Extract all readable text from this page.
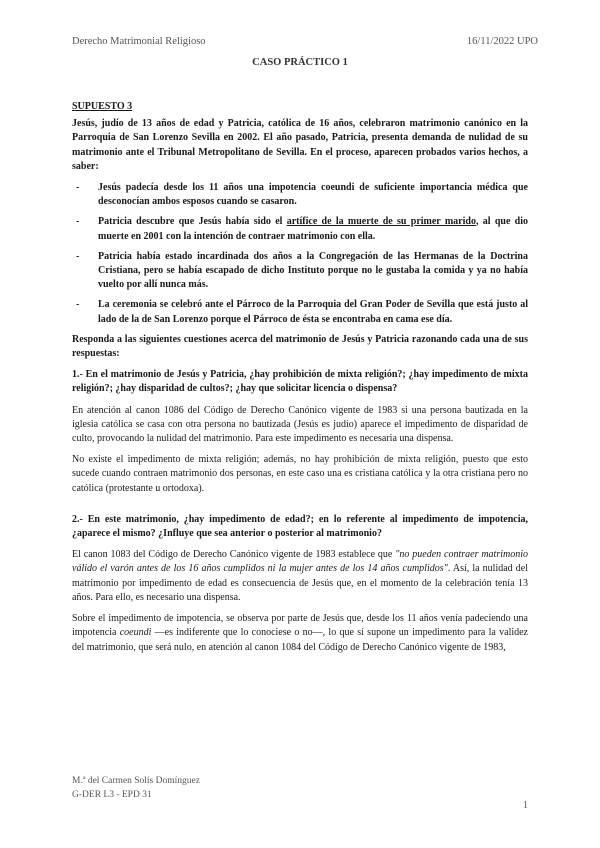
Derecho Matrimonial Religioso	16/11/2022 UPO
CASO PRÁCTICO 1

SUPUESTO 3

Jesús, judío de 13 años de edad y Patricia, católica de 16 años, celebraron matrimonio canónico en la Parroquia de San Lorenzo Sevilla en 2002. El año pasado, Patricia, presenta demanda de nulidad de su matrimonio ante el Tribunal Metropolitano de Sevilla. En el proceso, aparecen probados varios hechos, a saber:

- Jesús padecía desde los 11 años una impotencia coeundi de suficiente importancia médica que desconocían ambos esposos cuando se casaron.
- Patricia descubre que Jesús había sido el artífice de la muerte de su primer marido, al que dio muerte en 2001 con la intención de contraer matrimonio con ella.
- Patricia había estado incardinada dos años a la Congregación de las Hermanas de la Doctrina Cristiana, pero se había escapado de dicho Instituto porque no le gustaba la comida y ya no había vuelto por allí nunca más.
- La ceremonia se celebró ante el Párroco de la Parroquia del Gran Poder de Sevilla que está justo al lado de la de San Lorenzo porque el Párroco de ésta se encontraba en cama ese día.

Responda a las siguientes cuestiones acerca del matrimonio de Jesús y Patricia razonando cada una de sus respuestas:

1.- En el matrimonio de Jesús y Patricia, ¿hay prohibición de mixta religión?; ¿hay impedimento de mixta religión?; ¿hay disparidad de cultos?; ¿hay que solicitar licencia o dispensa?

En atención al canon 1086 del Código de Derecho Canónico vigente de 1983 si una persona bautizada en la iglesia católica se casa con otra persona no bautizada (Jesús es judío) aparece el impedimento de disparidad de culto, provocando la nulidad del matrimonio. Para este impedimento es necesaria una dispensa.

No existe el impedimento de mixta religión; además, no hay prohibición de mixta religión, puesto que esto sucede cuando contraen matrimonio dos personas, en este caso una es cristiana católica y la otra cristiana pero no católica (protestante u ortodoxa).

2.- En este matrimonio, ¿hay impedimento de edad?; en lo referente al impedimento de impotencia, ¿aparece el mismo? ¿Influye que sea anterior o posterior al matrimonio?

El canon 1083 del Código de Derecho Canónico vigente de 1983 establece que "no pueden contraer matrimonio válido el varón antes de los 16 años cumplidos ni la mujer antes de los 14 años cumplidos". Así, la nulidad del matrimonio por impedimento de edad es consecuencia de Jesús que, en el momento de la celebración tenía 13 años. Para ello, es necesario una dispensa.

Sobre el impedimento de impotencia, se observa por parte de Jesús que, desde los 11 años venía padeciendo una impotencia coeundi —es indiferente que lo conociese o no—, lo que sí supone un impedimento para la validez del matrimonio, que será nulo, en atención al canon 1084 del Código de Derecho Canónico vigente de 1983,

M.ª del Carmen Solís Domínguez
G-DER L3 - EPD 31
1
